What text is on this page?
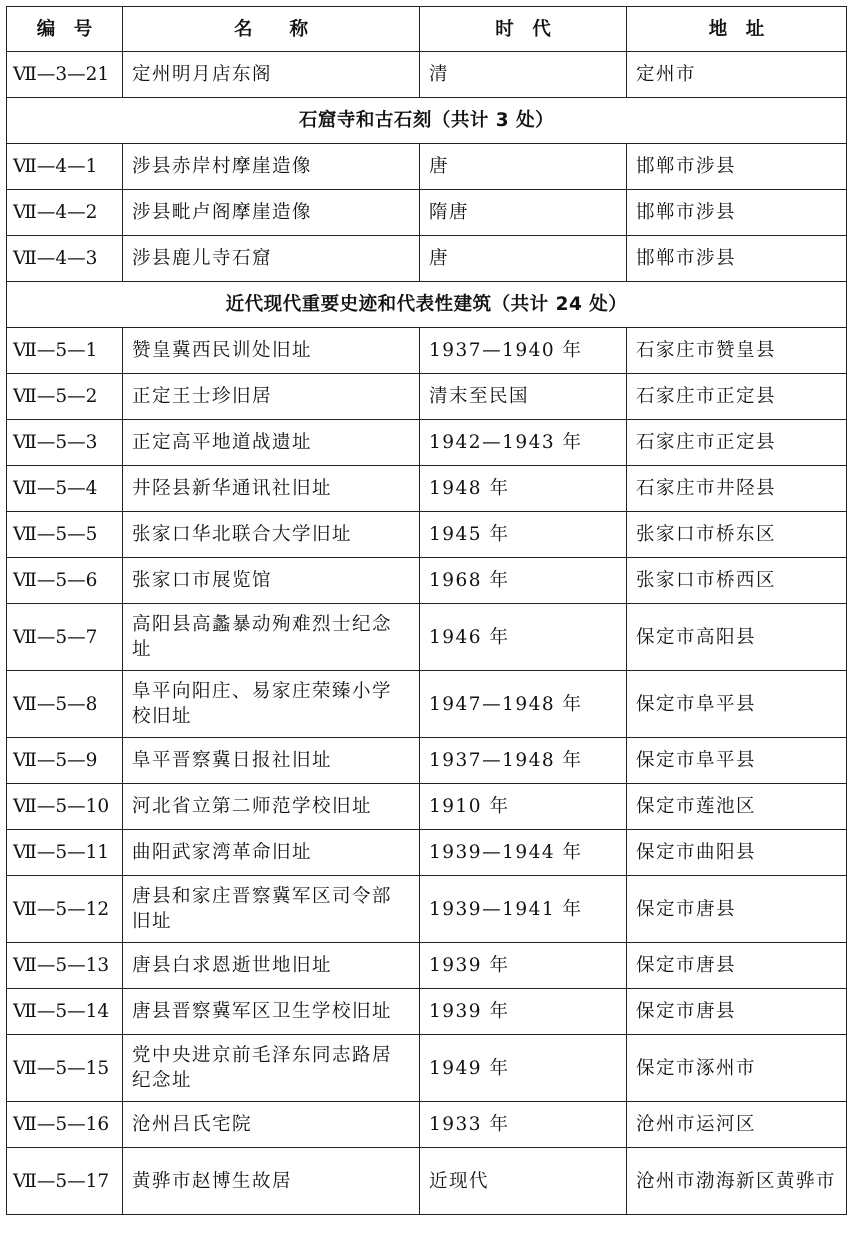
编　号	名　　称	时　代	地　址
Ⅶ—3—21	定州明月店东阁	清	定州市
石窟寺和古石刻（共计 3 处）			
Ⅶ—4—1	涉县赤岸村摩崖造像	唐	邯郸市涉县
Ⅶ—4—2	涉县毗卢阁摩崖造像	隋唐	邯郸市涉县
Ⅶ—4—3	涉县鹿儿寺石窟	唐	邯郸市涉县
近代现代重要史迹和代表性建筑（共计 24 处）			
Ⅶ—5—1	赞皇冀西民训处旧址	1937—1940 年	石家庄市赞皇县
Ⅶ—5—2	正定王士珍旧居	清末至民国	石家庄市正定县
Ⅶ—5—3	正定高平地道战遗址	1942—1943 年	石家庄市正定县
Ⅶ—5—4	井陉县新华通讯社旧址	1948 年	石家庄市井陉县
Ⅶ—5—5	张家口华北联合大学旧址	1945 年	张家口市桥东区
Ⅶ—5—6	张家口市展览馆	1968 年	张家口市桥西区
Ⅶ—5—7	高阳县高蠡暴动殉难烈士纪念址	1946 年	保定市高阳县
Ⅶ—5—8	阜平向阳庄、易家庄荣臻小学校旧址	1947—1948 年	保定市阜平县
Ⅶ—5—9	阜平晋察冀日报社旧址	1937—1948 年	保定市阜平县
Ⅶ—5—10	河北省立第二师范学校旧址	1910 年	保定市莲池区
Ⅶ—5—11	曲阳武家湾革命旧址	1939—1944 年	保定市曲阳县
Ⅶ—5—12	唐县和家庄晋察冀军区司令部旧址	1939—1941 年	保定市唐县
Ⅶ—5—13	唐县白求恩逝世地旧址	1939 年	保定市唐县
Ⅶ—5—14	唐县晋察冀军区卫生学校旧址	1939 年	保定市唐县
Ⅶ—5—15	党中央进京前毛泽东同志路居纪念址	1949 年	保定市涿州市
Ⅶ—5—16	沧州吕氏宅院	1933 年	沧州市运河区
Ⅶ—5—17	黄骅市赵博生故居	近现代	沧州市渤海新区黄骅市
